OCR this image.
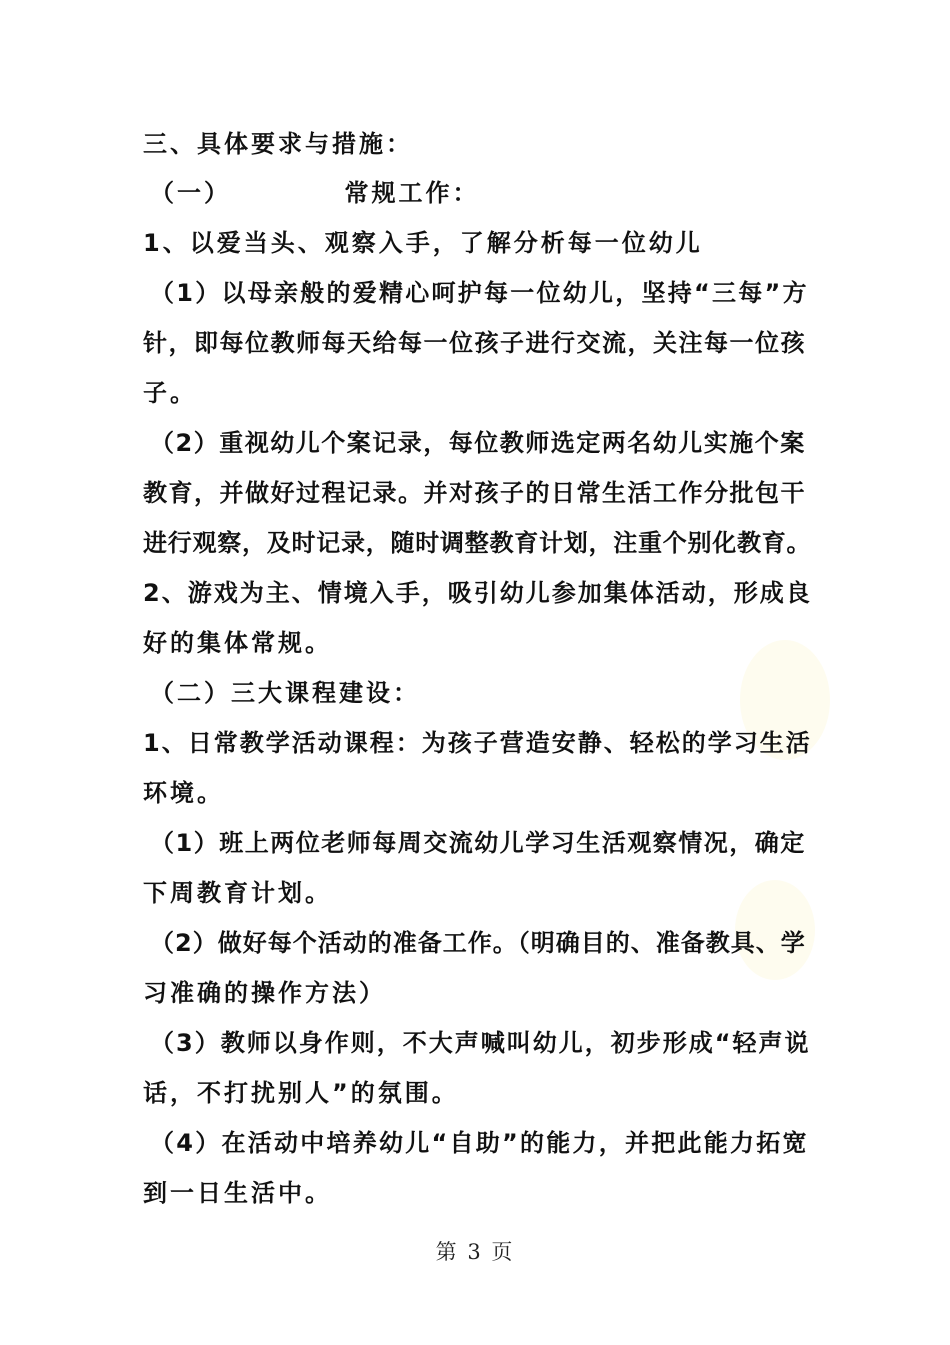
三、具体要求与措施：
（一）          常规工作：
1、以爱当头、观察入手，了解分析每一位幼儿
（1）以母亲般的爱精心呵护每一位幼儿，坚持“三每”方
针，即每位教师每天给每一位孩子进行交流，关注每一位孩
子。
（2）重视幼儿个案记录，每位教师选定两名幼儿实施个案
教育，并做好过程记录。并对孩子的日常生活工作分批包干
进行观察，及时记录，随时调整教育计划，注重个别化教育。
2、游戏为主、情境入手，吸引幼儿参加集体活动，形成良
好的集体常规。
（二）三大课程建设：
1、日常教学活动课程：为孩子营造安静、轻松的学习生活
环境。
（1）班上两位老师每周交流幼儿学习生活观察情况，确定
下周教育计划。
（2）做好每个活动的准备工作。（明确目的、准备教具、学
习准确的操作方法）
（3）教师以身作则，不大声喊叫幼儿，初步形成“轻声说
话，不打扰别人”的氛围。
（4）在活动中培养幼儿“自助”的能力，并把此能力拓宽
到一日生活中。
第 3 页
